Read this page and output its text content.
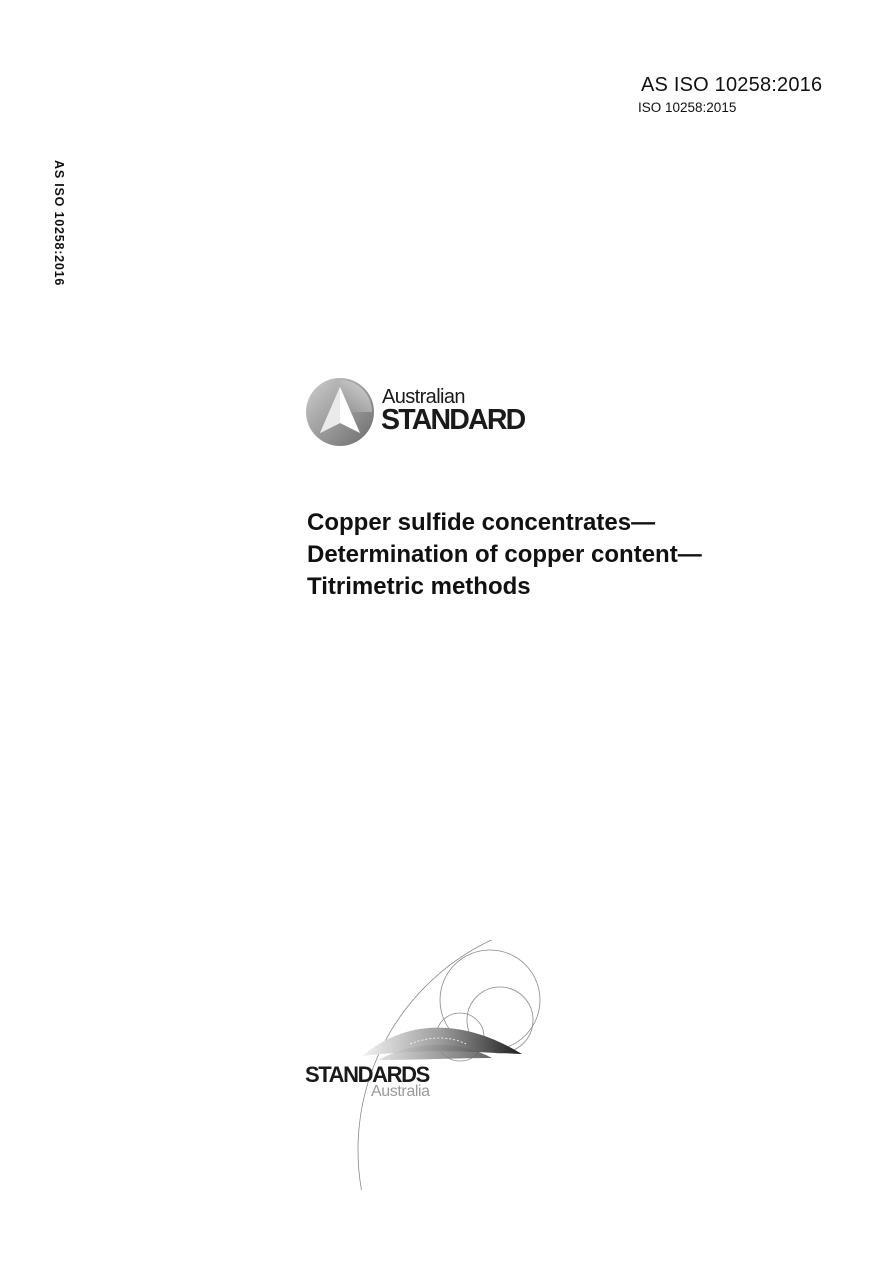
AS ISO 10258:2016
ISO 10258:2015
AS ISO 10258:2016
Australian
STANDARD
Copper sulfide concentrates—
Determination of copper content—
Titrimetric methods
STANDARDS
Australia
